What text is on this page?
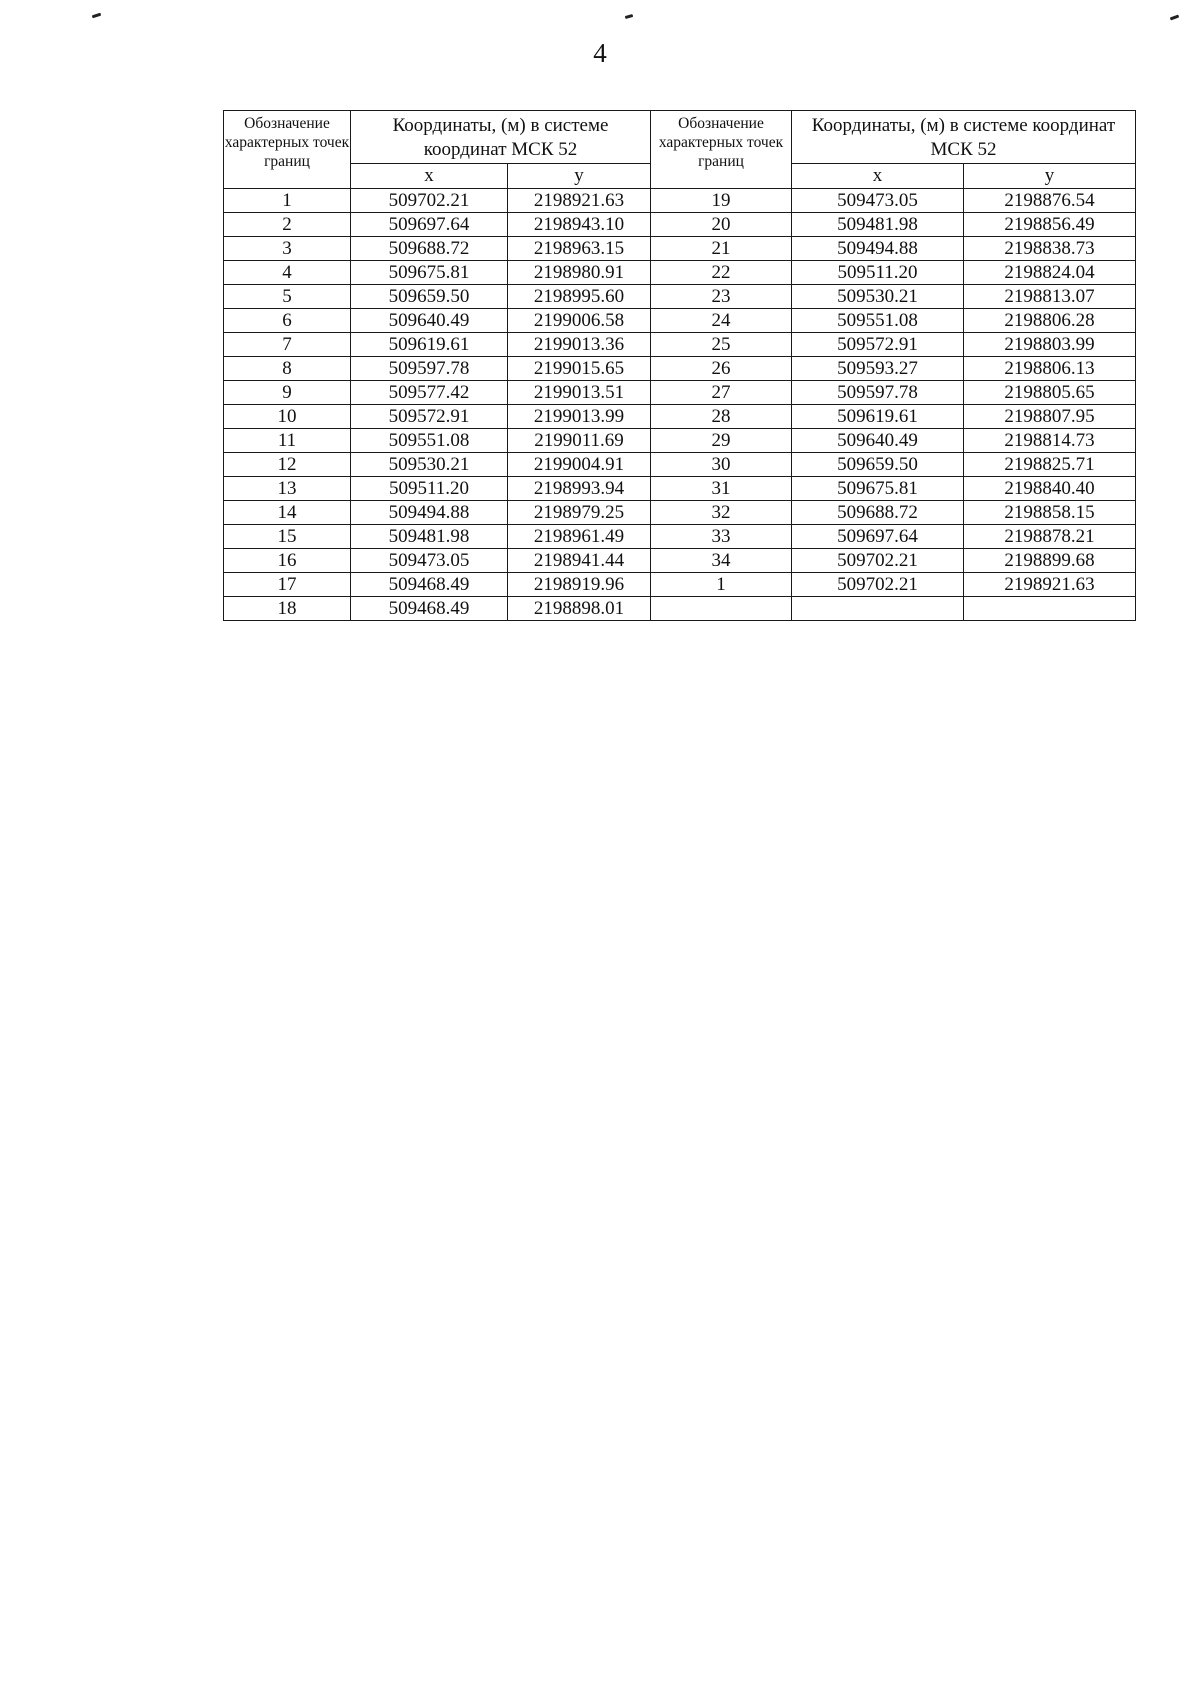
4
Обозначение характерных точек границ	Координаты, (м) в системе координат МСК 52		Обозначение характерных точек границ	Координаты, (м) в системе координат МСК 52	
	x	y		x	y
1	509702.21	2198921.63	19	509473.05	2198876.54
2	509697.64	2198943.10	20	509481.98	2198856.49
3	509688.72	2198963.15	21	509494.88	2198838.73
4	509675.81	2198980.91	22	509511.20	2198824.04
5	509659.50	2198995.60	23	509530.21	2198813.07
6	509640.49	2199006.58	24	509551.08	2198806.28
7	509619.61	2199013.36	25	509572.91	2198803.99
8	509597.78	2199015.65	26	509593.27	2198806.13
9	509577.42	2199013.51	27	509597.78	2198805.65
10	509572.91	2199013.99	28	509619.61	2198807.95
11	509551.08	2199011.69	29	509640.49	2198814.73
12	509530.21	2199004.91	30	509659.50	2198825.71
13	509511.20	2198993.94	31	509675.81	2198840.40
14	509494.88	2198979.25	32	509688.72	2198858.15
15	509481.98	2198961.49	33	509697.64	2198878.21
16	509473.05	2198941.44	34	509702.21	2198899.68
17	509468.49	2198919.96	1	509702.21	2198921.63
18	509468.49	2198898.01			
